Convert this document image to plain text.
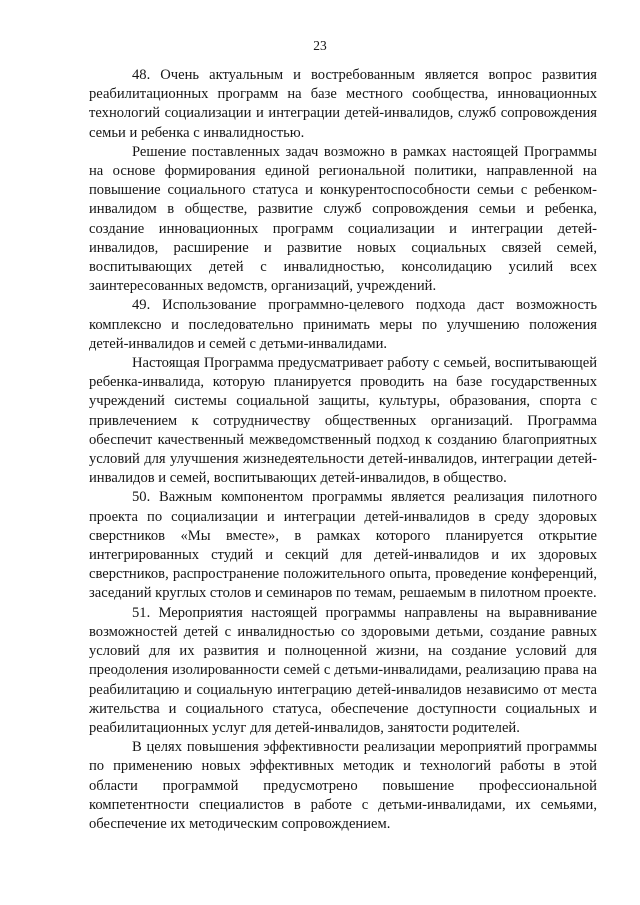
23

48. Очень актуальным и востребованным является вопрос развития реабилитационных программ на базе местного сообщества, инновационных технологий социализации и интеграции детей-инвалидов, служб сопровождения семьи и ребенка с инвалидностью.

Решение поставленных задач возможно в рамках настоящей Программы на основе формирования единой региональной политики, направленной на повышение социального статуса и конкурентоспособности семьи с ребенком-инвалидом в обществе, развитие служб сопровождения семьи и ребенка, создание инновационных программ социализации и интеграции детей-инвалидов, расширение и развитие новых социальных связей семей, воспитывающих детей с инвалидностью, консолидацию усилий всех заинтересованных ведомств, организаций, учреждений.

49. Использование программно-целевого подхода даст возможность комплексно и последовательно принимать меры по улучшению положения детей-инвалидов и семей с детьми-инвалидами.

Настоящая Программа предусматривает работу с семьей, воспитывающей ребенка-инвалида, которую планируется проводить на базе государственных учреждений системы социальной защиты, культуры, образования, спорта с привлечением к сотрудничеству общественных организаций. Программа обеспечит качественный межведомственный подход к созданию благоприятных условий для улучшения жизнедеятельности детей-инвалидов, интеграции детей-инвалидов и семей, воспитывающих детей-инвалидов, в общество.

50. Важным компонентом программы является реализация пилотного проекта по социализации и интеграции детей-инвалидов в среду здоровых сверстников «Мы вместе», в рамках которого планируется открытие интегрированных студий и секций для детей-инвалидов и их здоровых сверстников, распространение положительного опыта, проведение конференций, заседаний круглых столов и семинаров по темам, решаемым в пилотном проекте.

51. Мероприятия настоящей программы направлены на выравнивание возможностей детей с инвалидностью со здоровыми детьми, создание равных условий для их развития и полноценной жизни, на создание условий для преодоления изолированности семей с детьми-инвалидами, реализацию права на реабилитацию и социальную интеграцию детей-инвалидов независимо от места жительства и социального статуса, обеспечение доступности социальных и реабилитационных услуг для детей-инвалидов, занятости родителей.

В целях повышения эффективности реализации мероприятий программы по применению новых эффективных методик и технологий работы в этой области программой предусмотрено повышение профессиональной компетентности специалистов в работе с детьми-инвалидами, их семьями, обеспечение их методическим сопровождением.
